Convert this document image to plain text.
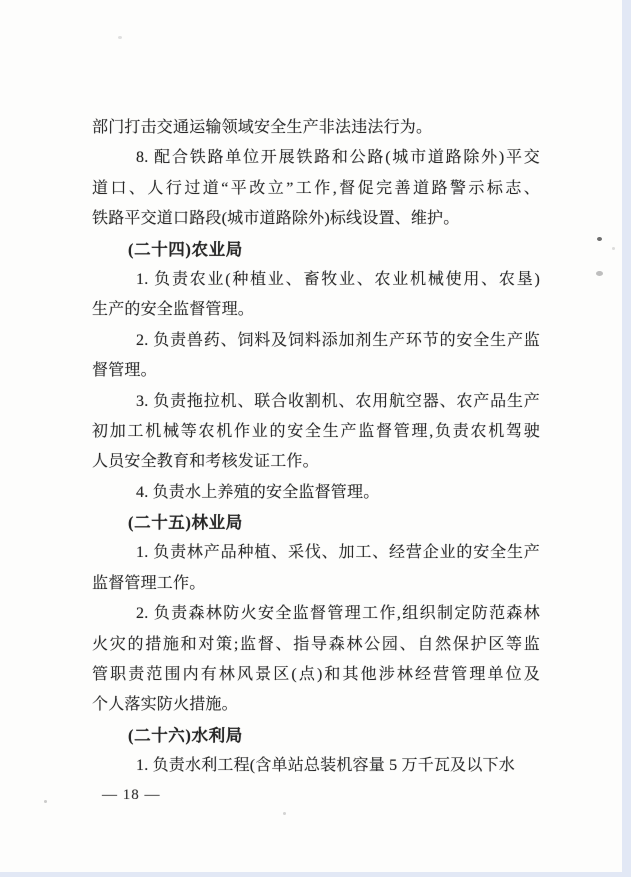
部门打击交通运输领域安全生产非法违法行为。
8. 配合铁路单位开展铁路和公路(城市道路除外)平交
道口、人行过道“平改立”工作,督促完善道路警示标志、
铁路平交道口路段(城市道路除外)标线设置、维护。
(二十四)农业局
1. 负责农业(种植业、畜牧业、农业机械使用、农垦)
生产的安全监督管理。
2. 负责兽药、饲料及饲料添加剂生产环节的安全生产监
督管理。
3. 负责拖拉机、联合收割机、农用航空器、农产品生产
初加工机械等农机作业的安全生产监督管理,负责农机驾驶
人员安全教育和考核发证工作。
4. 负责水上养殖的安全监督管理。
(二十五)林业局
1. 负责林产品种植、采伐、加工、经营企业的安全生产
监督管理工作。
2. 负责森林防火安全监督管理工作,组织制定防范森林
火灾的措施和对策;监督、指导森林公园、自然保护区等监
管职责范围内有林风景区(点)和其他涉林经营管理单位及
个人落实防火措施。
(二十六)水利局
1. 负责水利工程(含单站总装机容量 5 万千瓦及以下水
— 18 —
